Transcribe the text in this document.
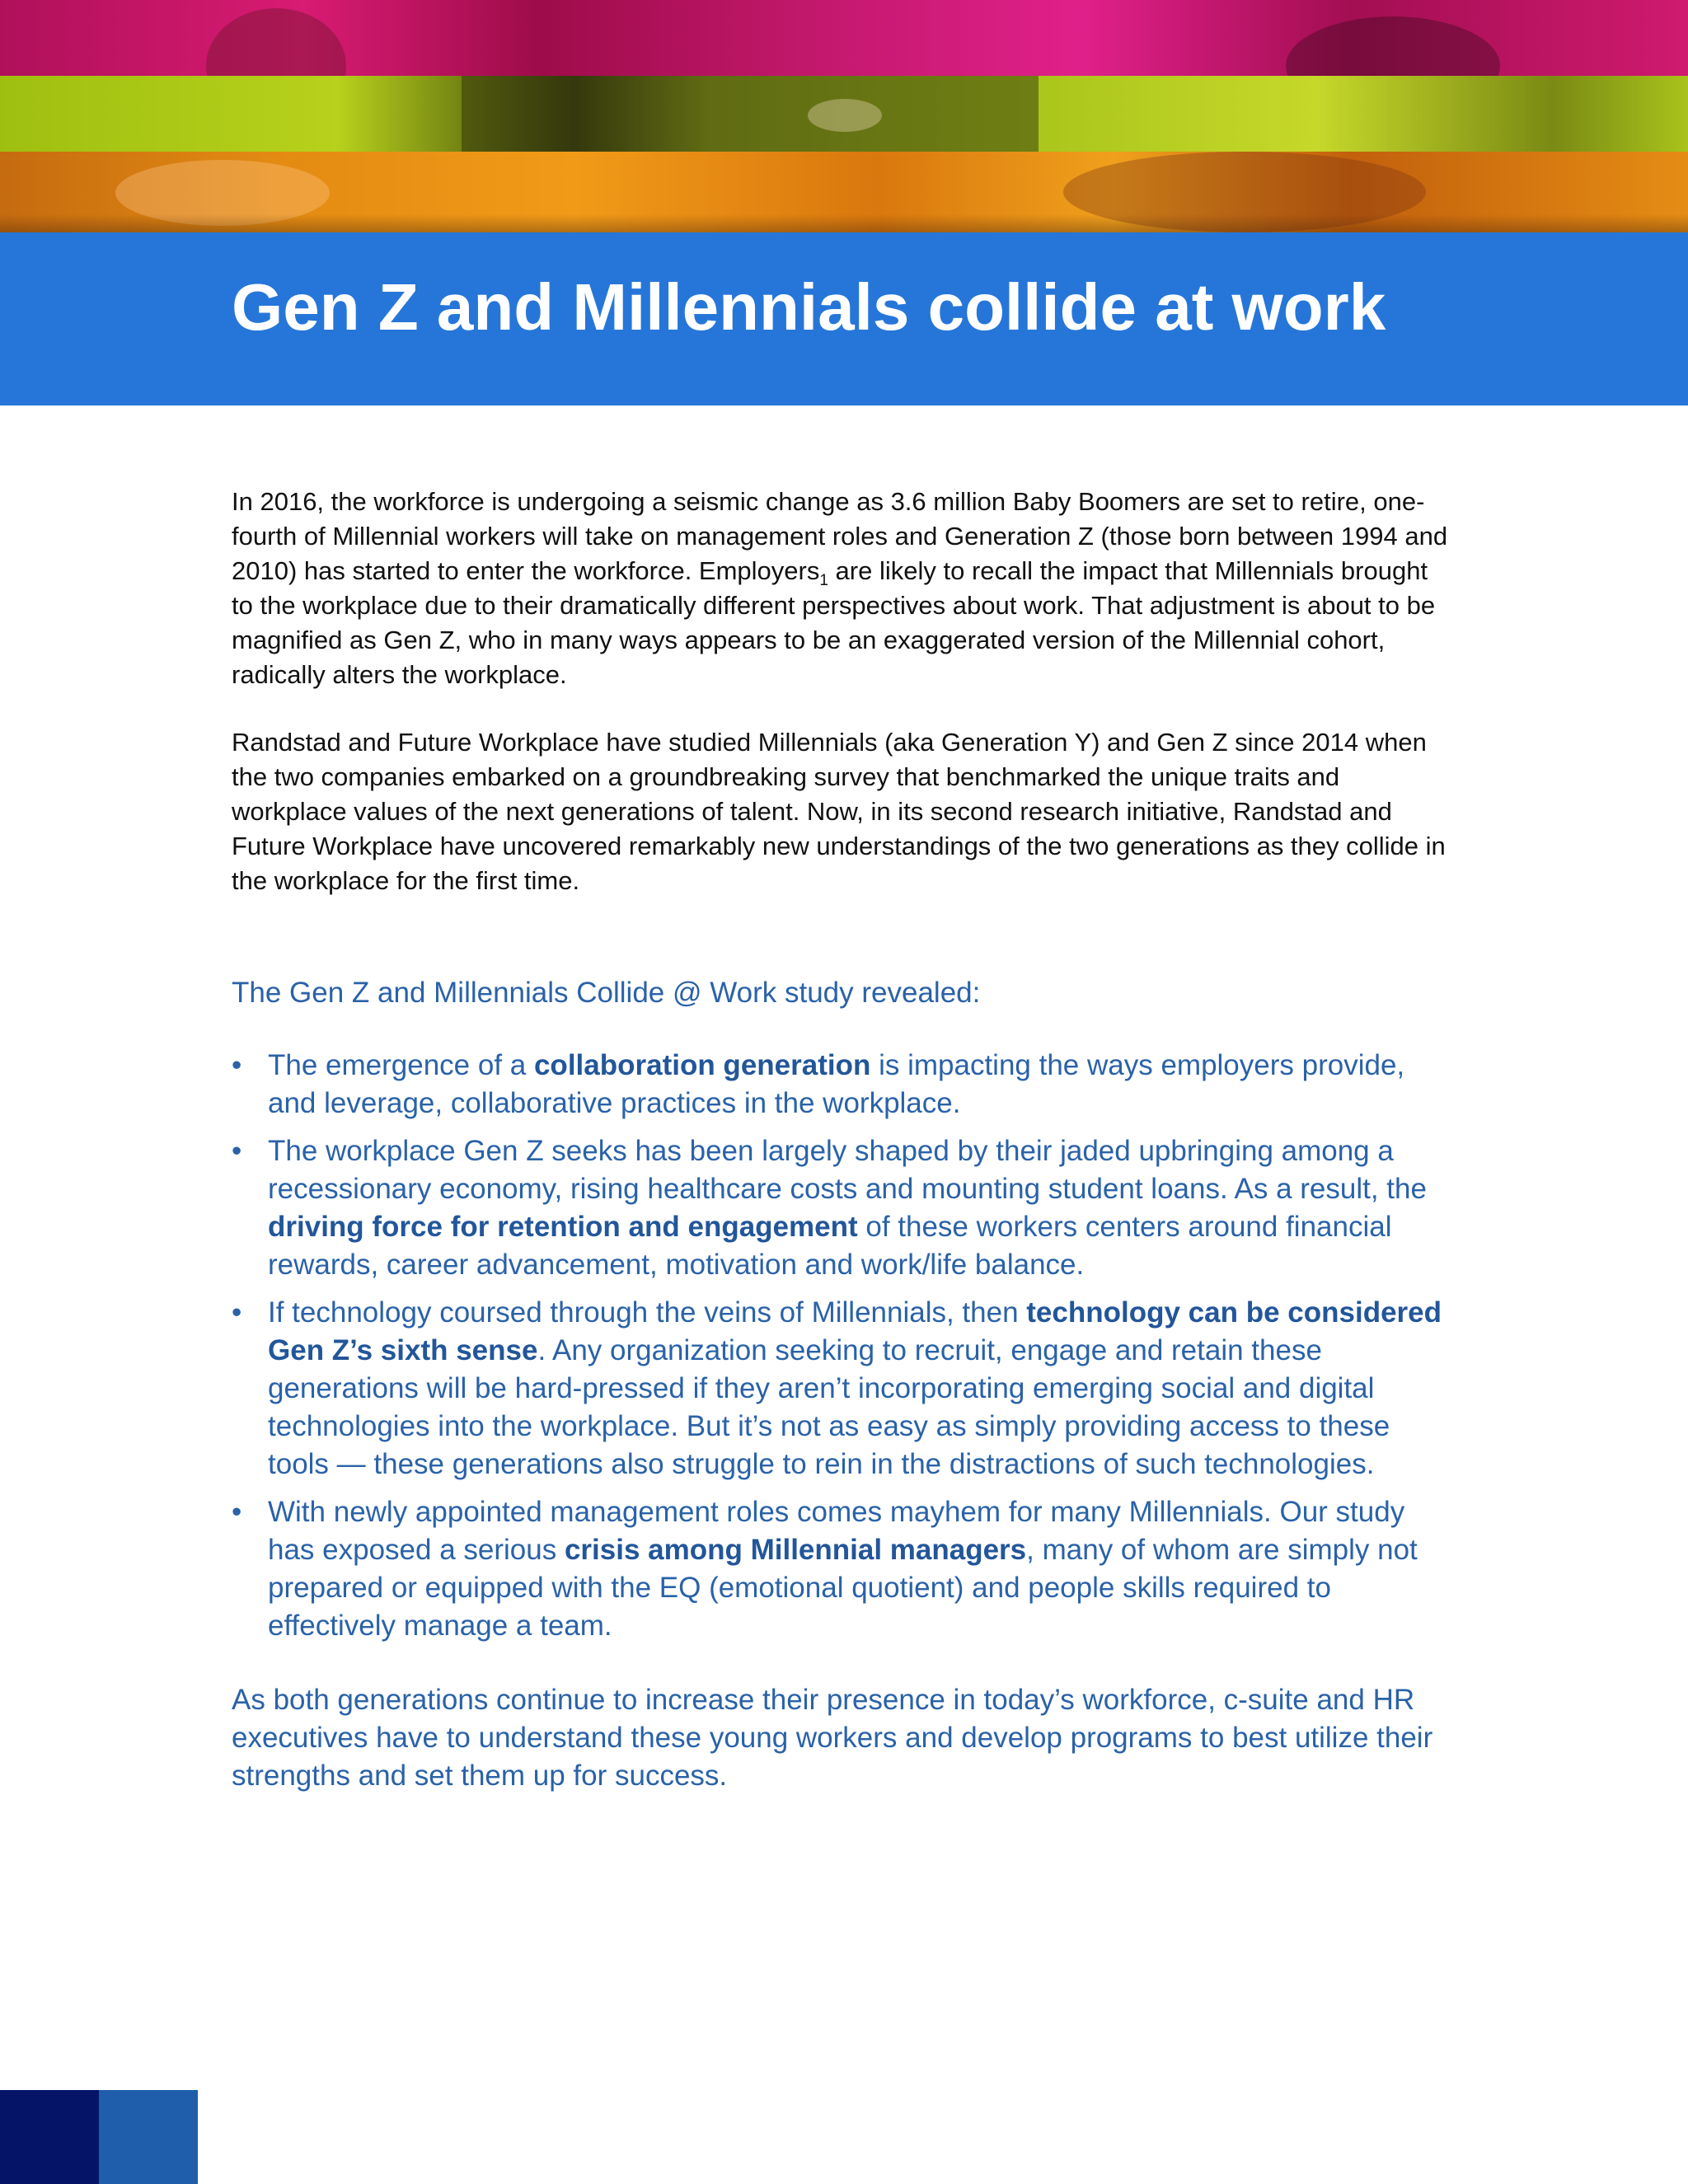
Gen Z and Millennials collide at work

In 2016, the workforce is undergoing a seismic change as 3.6 million Baby Boomers are set to retire, one-fourth of Millennial workers will take on management roles and Generation Z (those born between 1994 and 2010) has started to enter the workforce. Employers$_1$ are likely to recall the impact that Millennials brought to the workplace due to their dramatically different perspectives about work. That adjustment is about to be magnified as Gen Z, who in many ways appears to be an exaggerated version of the Millennial cohort, radically alters the workplace.

Randstad and Future Workplace have studied Millennials (aka Generation Y) and Gen Z since 2014 when the two companies embarked on a groundbreaking survey that benchmarked the unique traits and workplace values of the next generations of talent. Now, in its second research initiative, Randstad and Future Workplace have uncovered remarkably new understandings of the two generations as they collide in the workplace for the first time.

The Gen Z and Millennials Collide @ Work study revealed:

• The emergence of a collaboration generation is impacting the ways employers provide, and leverage, collaborative practices in the workplace.
• The workplace Gen Z seeks has been largely shaped by their jaded upbringing among a recessionary economy, rising healthcare costs and mounting student loans. As a result, the driving force for retention and engagement of these workers centers around financial rewards, career advancement, motivation and work/life balance.
• If technology coursed through the veins of Millennials, then technology can be considered Gen Z’s sixth sense. Any organization seeking to recruit, engage and retain these generations will be hard-pressed if they aren’t incorporating emerging social and digital technologies into the workplace. But it’s not as easy as simply providing access to these tools — these generations also struggle to rein in the distractions of such technologies.
• With newly appointed management roles comes mayhem for many Millennials. Our study has exposed a serious crisis among Millennial managers, many of whom are simply not prepared or equipped with the EQ (emotional quotient) and people skills required to effectively manage a team.

As both generations continue to increase their presence in today’s workforce, c-suite and HR executives have to understand these young workers and develop programs to best utilize their strengths and set them up for success.
